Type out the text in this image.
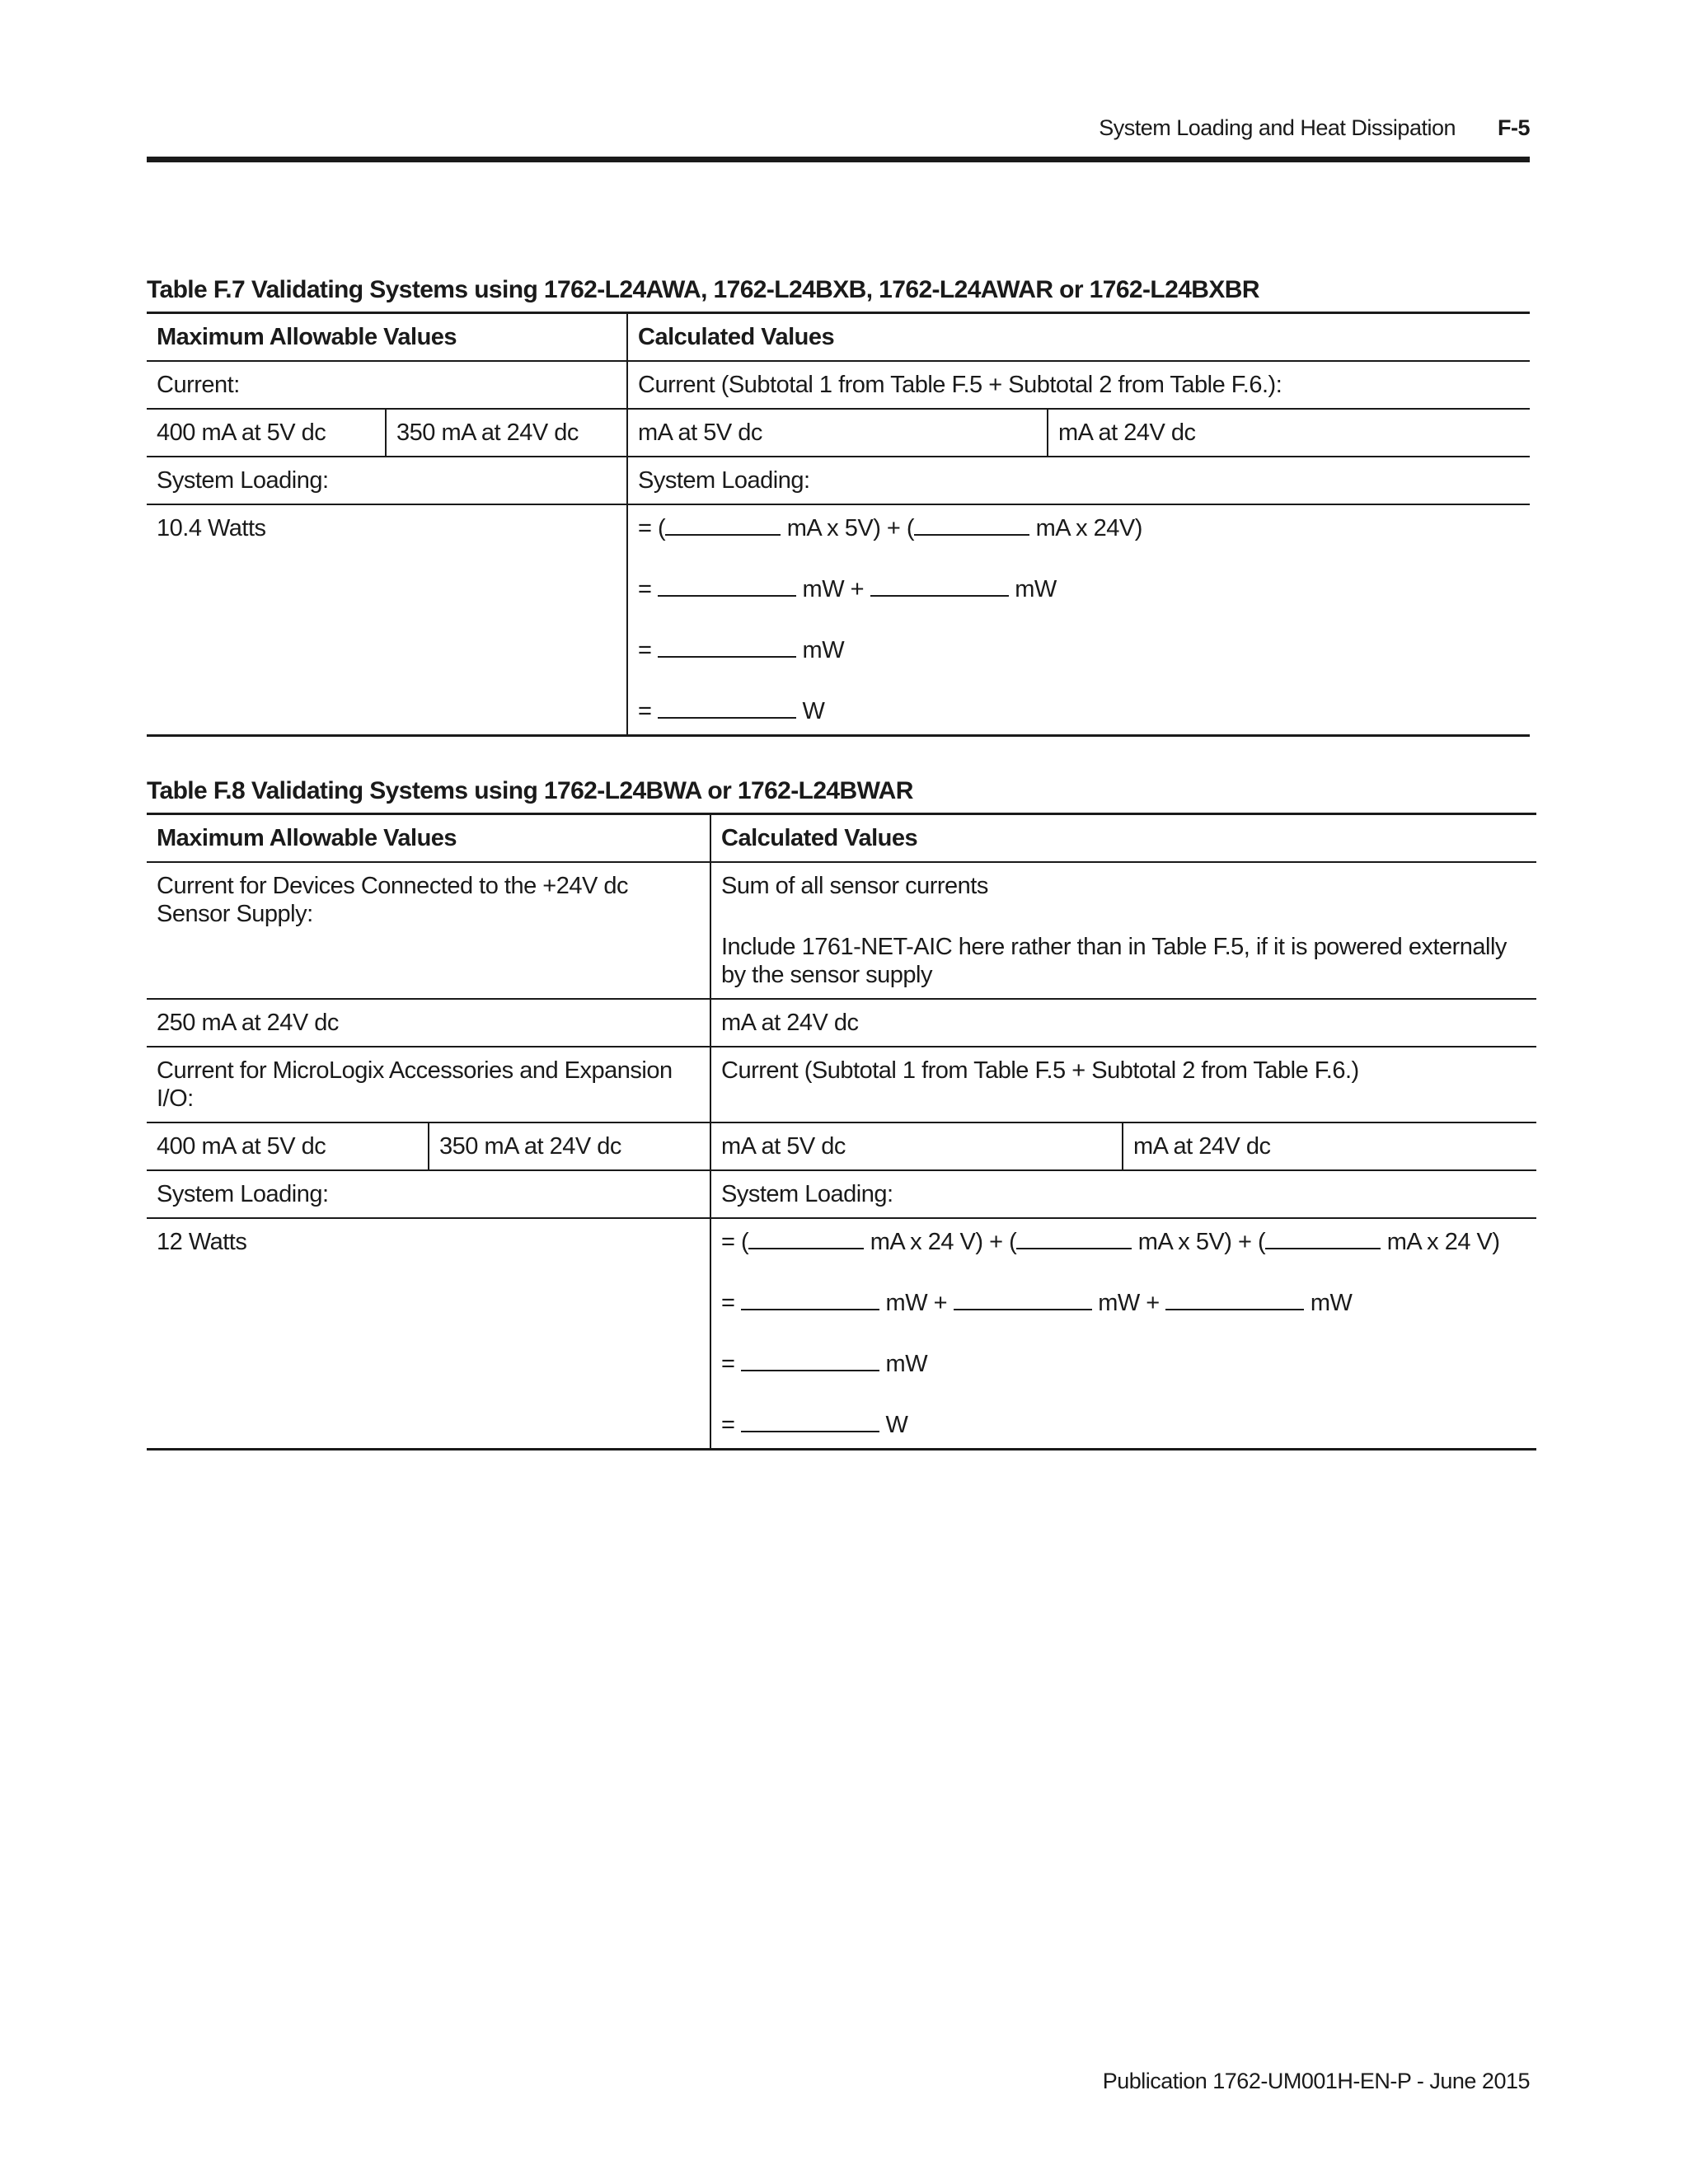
System Loading and Heat Dissipation F-5
Table F.7 Validating Systems using 1762-L24AWA, 1762-L24BXB, 1762-L24AWAR or 1762-L24BXBR
Maximum Allowable Values		Calculated Values	
Current:		Current (Subtotal 1 from Table F.5 + Subtotal 2 from Table F.6.):	
400 mA at 5V dc	350 mA at 24V dc	mA at 5V dc	mA at 24V dc
System Loading:		System Loading:	
10.4 Watts		= ( mA x 5V) + ( mA x 24V)
= mW + mW
= mW
= W	
Table F.8 Validating Systems using 1762-L24BWA or 1762-L24BWAR
Maximum Allowable Values		Calculated Values	
Current for Devices Connected to the +24V dc Sensor Supply:		Sum of all sensor currents
Include 1761-NET-AIC here rather than in Table F.5, if it is powered externally by the sensor supply	

250 mA at 24V dc		mA at 24V dc	
Current for MicroLogix Accessories and Expansion I/O:		Current (Subtotal 1 from Table F.5 + Subtotal 2 from Table F.6.)	
400 mA at 5V dc	350 mA at 24V dc	mA at 5V dc	mA at 24V dc
System Loading:		System Loading:	
12 Watts		= ( mA x 24 V) + ( mA x 5V) + ( mA x 24 V)
= mW + mW + mW
= mW
= W	
Publication 1762-UM001H-EN-P - June 2015
